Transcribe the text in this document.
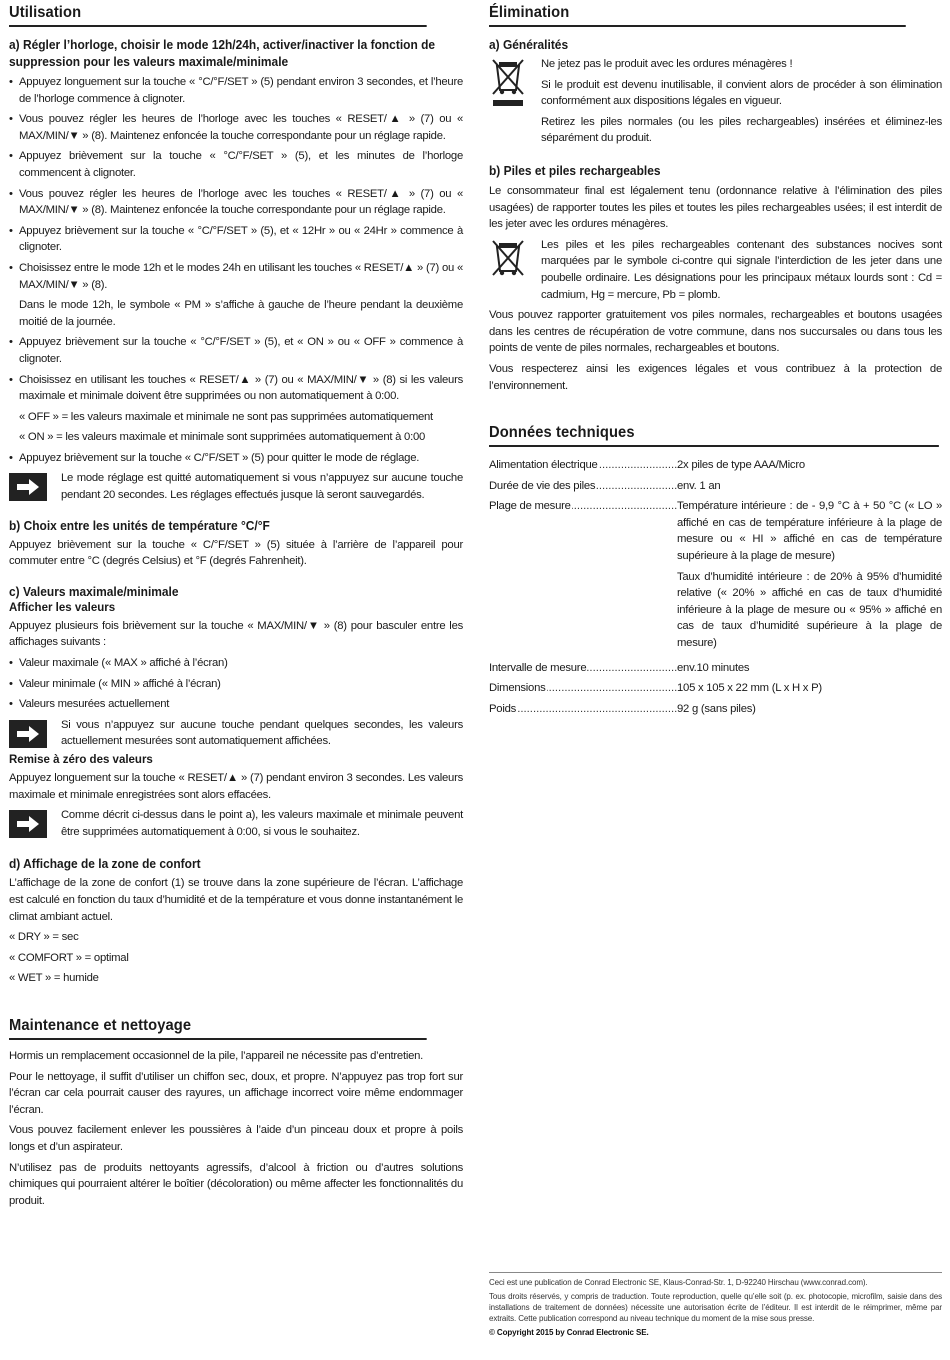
Utilisation
a) Régler l’horloge, choisir le mode 12h/24h, activer/inactiver la fonction de suppression pour les valeurs maximale/minimale
• Appuyez longuement sur la touche « °C/°F/SET » (5) pendant environ 3 secondes, et l’heure de l’horloge commence à clignoter.
• Vous pouvez régler les heures de l’horloge avec les touches « RESET/▲ » (7) ou « MAX/MIN/▼ » (8). Maintenez enfoncée la touche correspondante pour un réglage rapide.
• Appuyez brièvement sur la touche « °C/°F/SET » (5), et les minutes de l’horloge commencent à clignoter.
• Vous pouvez régler les heures de l’horloge avec les touches « RESET/▲ » (7) ou « MAX/MIN/▼ » (8). Maintenez enfoncée la touche correspondante pour un réglage rapide.
• Appuyez brièvement sur la touche « °C/°F/SET » (5), et « 12Hr » ou « 24Hr » commence à clignoter.
• Choisissez entre le mode 12h et le modes 24h en utilisant les touches « RESET/▲ » (7) ou « MAX/MIN/▼ » (8).
Dans le mode 12h, le symbole « PM » s’affiche à gauche de l’heure pendant la deuxième moitié de la journée.
• Appuyez brièvement sur la touche « °C/°F/SET » (5), et « ON » ou « OFF » commence à clignoter.
• Choisissez en utilisant les touches « RESET/▲ » (7) ou « MAX/MIN/▼ » (8) si les valeurs maximale et minimale doivent être supprimées ou non automatiquement à 0:00.
« OFF » = les valeurs maximale et minimale ne sont pas supprimées automatiquement
« ON » = les valeurs maximale et minimale sont supprimées automatiquement à 0:00
• Appuyez brièvement sur la touche « C/°F/SET » (5) pour quitter le mode de réglage.
Le mode réglage est quitté automatiquement si vous n’appuyez sur aucune touche pendant 20 secondes. Les réglages effectués jusque là seront sauvegardés.
b) Choix entre les unités de température °C/°F

Appuyez brièvement sur la touche « C/°F/SET » (5) située à l’arrière de l’appareil pour commuter entre °C (degrés Celsius) et °F (degrés Fahrenheit).

c) Valeurs maximale/minimale
Afficher les valeurs

Appuyez plusieurs fois brièvement sur la touche « MAX/MIN/▼ » (8) pour basculer entre les affichages suivants :

• Valeur maximale (« MAX » affiché à l’écran)
• Valeur minimale (« MIN » affiché à l’écran)
• Valeurs mesurées actuellement
Si vous n’appuyez sur aucune touche pendant quelques secondes, les valeurs actuellement mesurées sont automatiquement affichées.
Remise à zéro des valeurs

Appuyez longuement sur la touche « RESET/▲ » (7) pendant environ 3 secondes. Les valeurs maximale et minimale enregistrées sont alors effacées.

Comme décrit ci-dessus dans le point a), les valeurs maximale et minimale peuvent être supprimées automatiquement à 0:00, si vous le souhaitez.
d) Affichage de la zone de confort

L’affichage de la zone de confort (1) se trouve dans la zone supérieure de l’écran. L’affichage est calculé en fonction du taux d’humidité et de la température et vous donne instantanément le climat ambiant actuel.

« DRY » = sec

« COMFORT » = optimal

« WET » = humide

Maintenance et nettoyage

Hormis un remplacement occasionnel de la pile, l’appareil ne nécessite pas d’entretien.

Pour le nettoyage, il suffit d’utiliser un chiffon sec, doux, et propre. N’appuyez pas trop fort sur l’écran car cela pourrait causer des rayures, un affichage incorrect voire même endommager l’écran.

Vous pouvez facilement enlever les poussières à l’aide d’un pinceau doux et propre à poils longs et d’un aspirateur.

N’utilisez pas de produits nettoyants agressifs, d’alcool à friction ou d’autres solutions chimiques qui pourraient altérer le boîtier (décoloration) ou même affecter les fonctionnalités du produit.

Élimination
a) Généralités

Ne jetez pas le produit avec les ordures ménagères !

Si le produit est devenu inutilisable, il convient alors de procéder à son élimination conformément aux dispositions légales en vigueur.

Retirez les piles normales (ou les piles rechargeables) insérées et éliminez-les séparément du produit.

b) Piles et piles rechargeables

Le consommateur final est légalement tenu (ordonnance relative à l’élimination des piles usagées) de rapporter toutes les piles et toutes les piles rechargeables usées; il est interdit de les jeter avec les ordures ménagères.

Les piles et les piles rechargeables contenant des substances nocives sont marquées par le symbole ci-contre qui signale l’interdiction de les jeter dans une poubelle ordinaire. Les désignations pour les principaux métaux lourds sont : Cd = cadmium, Hg = mercure, Pb = plomb.

Vous pouvez rapporter gratuitement vos piles normales, rechargeables et boutons usagées dans les centres de récupération de votre commune, dans nos succursales ou dans tous les points de vente de piles normales, rechargeables et boutons.

Vous respecterez ainsi les exigences légales et vous contribuez à la protection de l’environnement.

Données techniques
Alimentation électrique .....	2x piles de type AAA/Micro
Durée de vie des piles .....	env. 1 an
Plage de mesure .....	Température intérieure : de - 9,9 °C à + 50 °C (« LO » affiché en cas de température inférieure à la plage de mesure ou « HI » affiché en cas de température supérieure à la plage de mesure)

Taux d’humidité intérieure : de 20% à 95% d’humidité relative (« 20% » affiché en cas de taux d’humidité inférieure à la plage de mesure ou « 95% » affiché en cas de taux d’humidité supérieure à la plage de mesure)

Intervalle de mesure .....	env.10 minutes
Dimensions .....	105 x 105 x 22 mm (L x H x P)
Poids .....	92 g (sans piles)

Ceci est une publication de Conrad Electronic SE, Klaus-Conrad-Str. 1, D-92240 Hirschau (www.conrad.com).

Tous droits réservés, y compris de traduction. Toute reproduction, quelle qu’elle soit (p. ex. photocopie, microfilm, saisie dans des installations de traitement de données) nécessite une autorisation écrite de l’éditeur. Il est interdit de le réimprimer, même par extraits. Cette publication correspond au niveau technique du moment de la mise sous presse.

© Copyright 2015 by Conrad Electronic SE.
